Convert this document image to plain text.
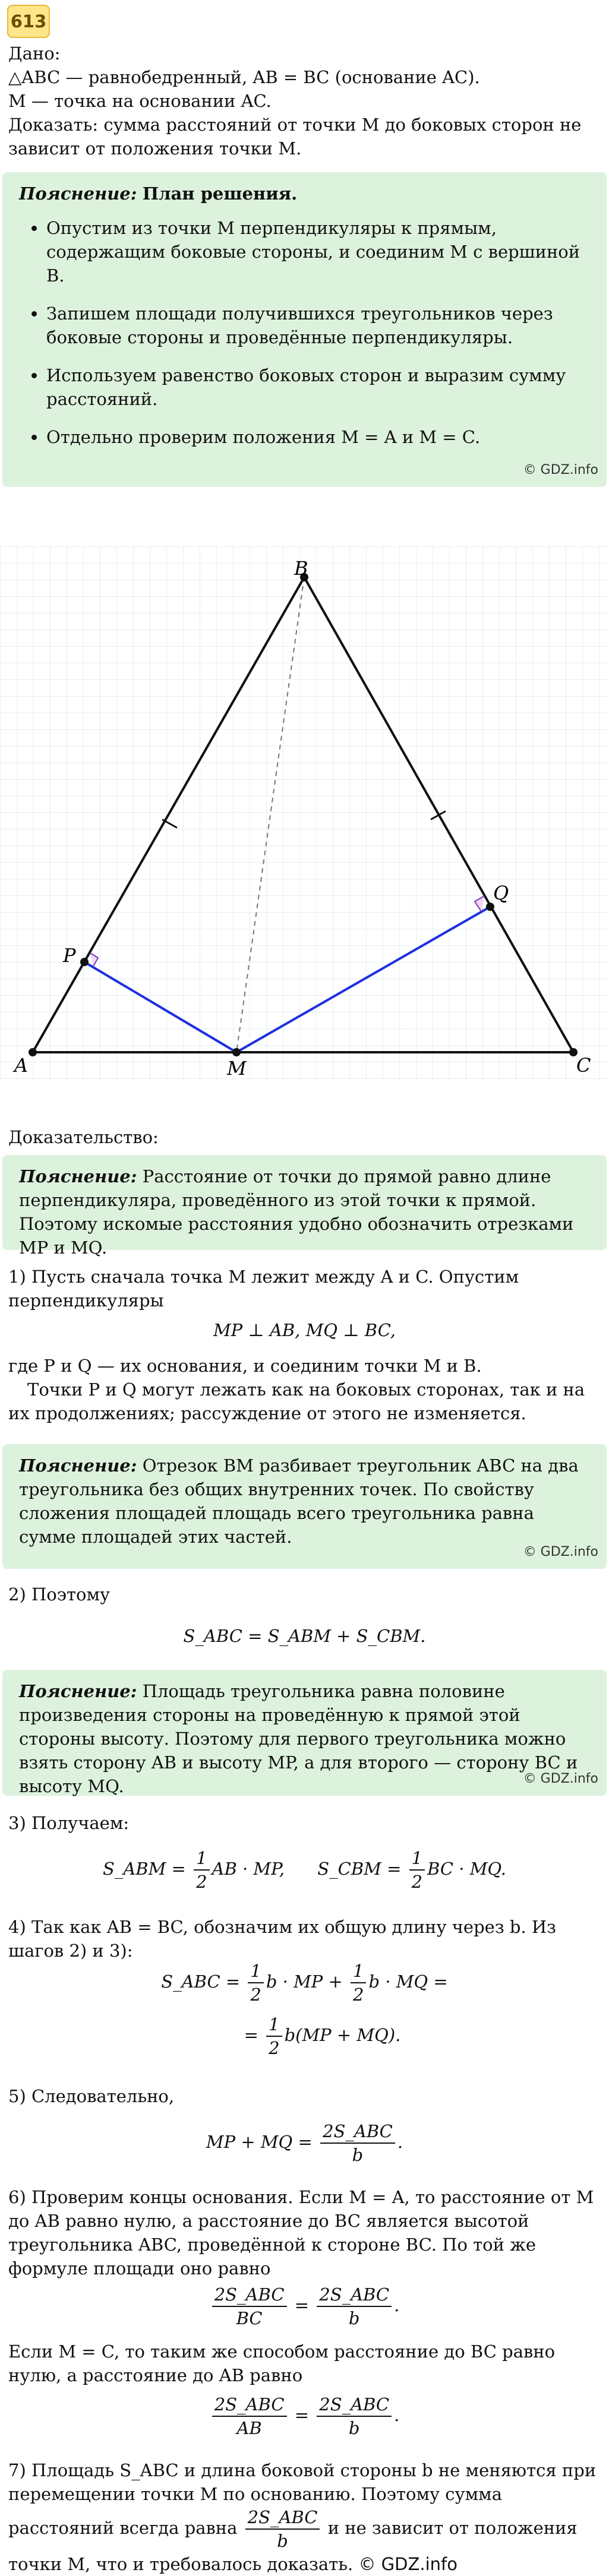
613

Дано:

△ABC — равнобедренный, AB = BC (основание AC).

M — точка на основании AC.

Доказать: сумма расстояний от точки M до боковых сторон не зависит от положения точки M.

Пояснение: План решения.

• Опустим из точки M перпендикуляры к прямым, содержащим боковые стороны, и соединим M с вершиной B.
• Запишем площади получившихся треугольников через боковые стороны и проведённые перпендикуляры.
• Используем равенство боковых сторон и выразим сумму расстояний.
• Отдельно проверим положения M = A и M = C.
© GDZ.info
A
B
C
M
P
Q

Доказательство:

Пояснение: Расстояние от точки до прямой равно длине перпендикуляра, проведённого из этой точки к прямой. Поэтому искомые расстояния удобно обозначить отрезками MP и MQ.

1) Пусть сначала точка M лежит между A и C. Опустим перпендикуляры

MP ⊥ AB, MQ ⊥ BC,

где P и Q — их основания, и соединим точки M и B.

Точки P и Q могут лежать как на боковых сторонах, так и на их продолжениях; рассуждение от этого не изменяется.

Пояснение: Отрезок BM разбивает треугольник ABC на два треугольника без общих внутренних точек. По свойству сложения площадей площадь всего треугольника равна сумме площадей этих частей.
© GDZ.info

2) Поэтому

S_ABC = S_ABM + S_CBM.
Пояснение: Площадь треугольника равна половине произведения стороны на проведённую к прямой этой стороны высоту. Поэтому для первого треугольника можно взять сторону AB и высоту MP, а для второго — сторону BC и высоту MQ.	© GDZ.info

3) Получаем:

S_ABM = $\frac{1}{2}$ AB · MP, S_CBM = $\frac{1}{2}$ BC · MQ.

4) Так как AB = BC, обозначим их общую длину через b. Из шагов 2) и 3):

S_ABC = $\frac{1}{2}$ b · MP + $\frac{1}{2}$ b · MQ =
= $\frac{1}{2} b(MP + MQ)$.

5) Следовательно,

MP + MQ =
2S_ABC
b
.

6) Проверим концы основания. Если M = A, то расстояние от M до AB равно нулю, а расстояние до BC является высотой треугольника ABC, проведённой к стороне BC. По той же формуле площади оно равно

2S_ABC
BC
=
2S_ABC
b
.

Если M = C, то таким же способом расстояние до BC равно нулю, а расстояние до AB равно

2S_ABC
AB
=
2S_ABC
b
.
7) Площадь S_ABC и длина боковой стороны b не меняются при перемещении точки M по основанию. Поэтому сумма расстояний всегда равна
2S_ABC
b
и не зависит от положения точки M, что и требовалось доказать. © GDZ.info
